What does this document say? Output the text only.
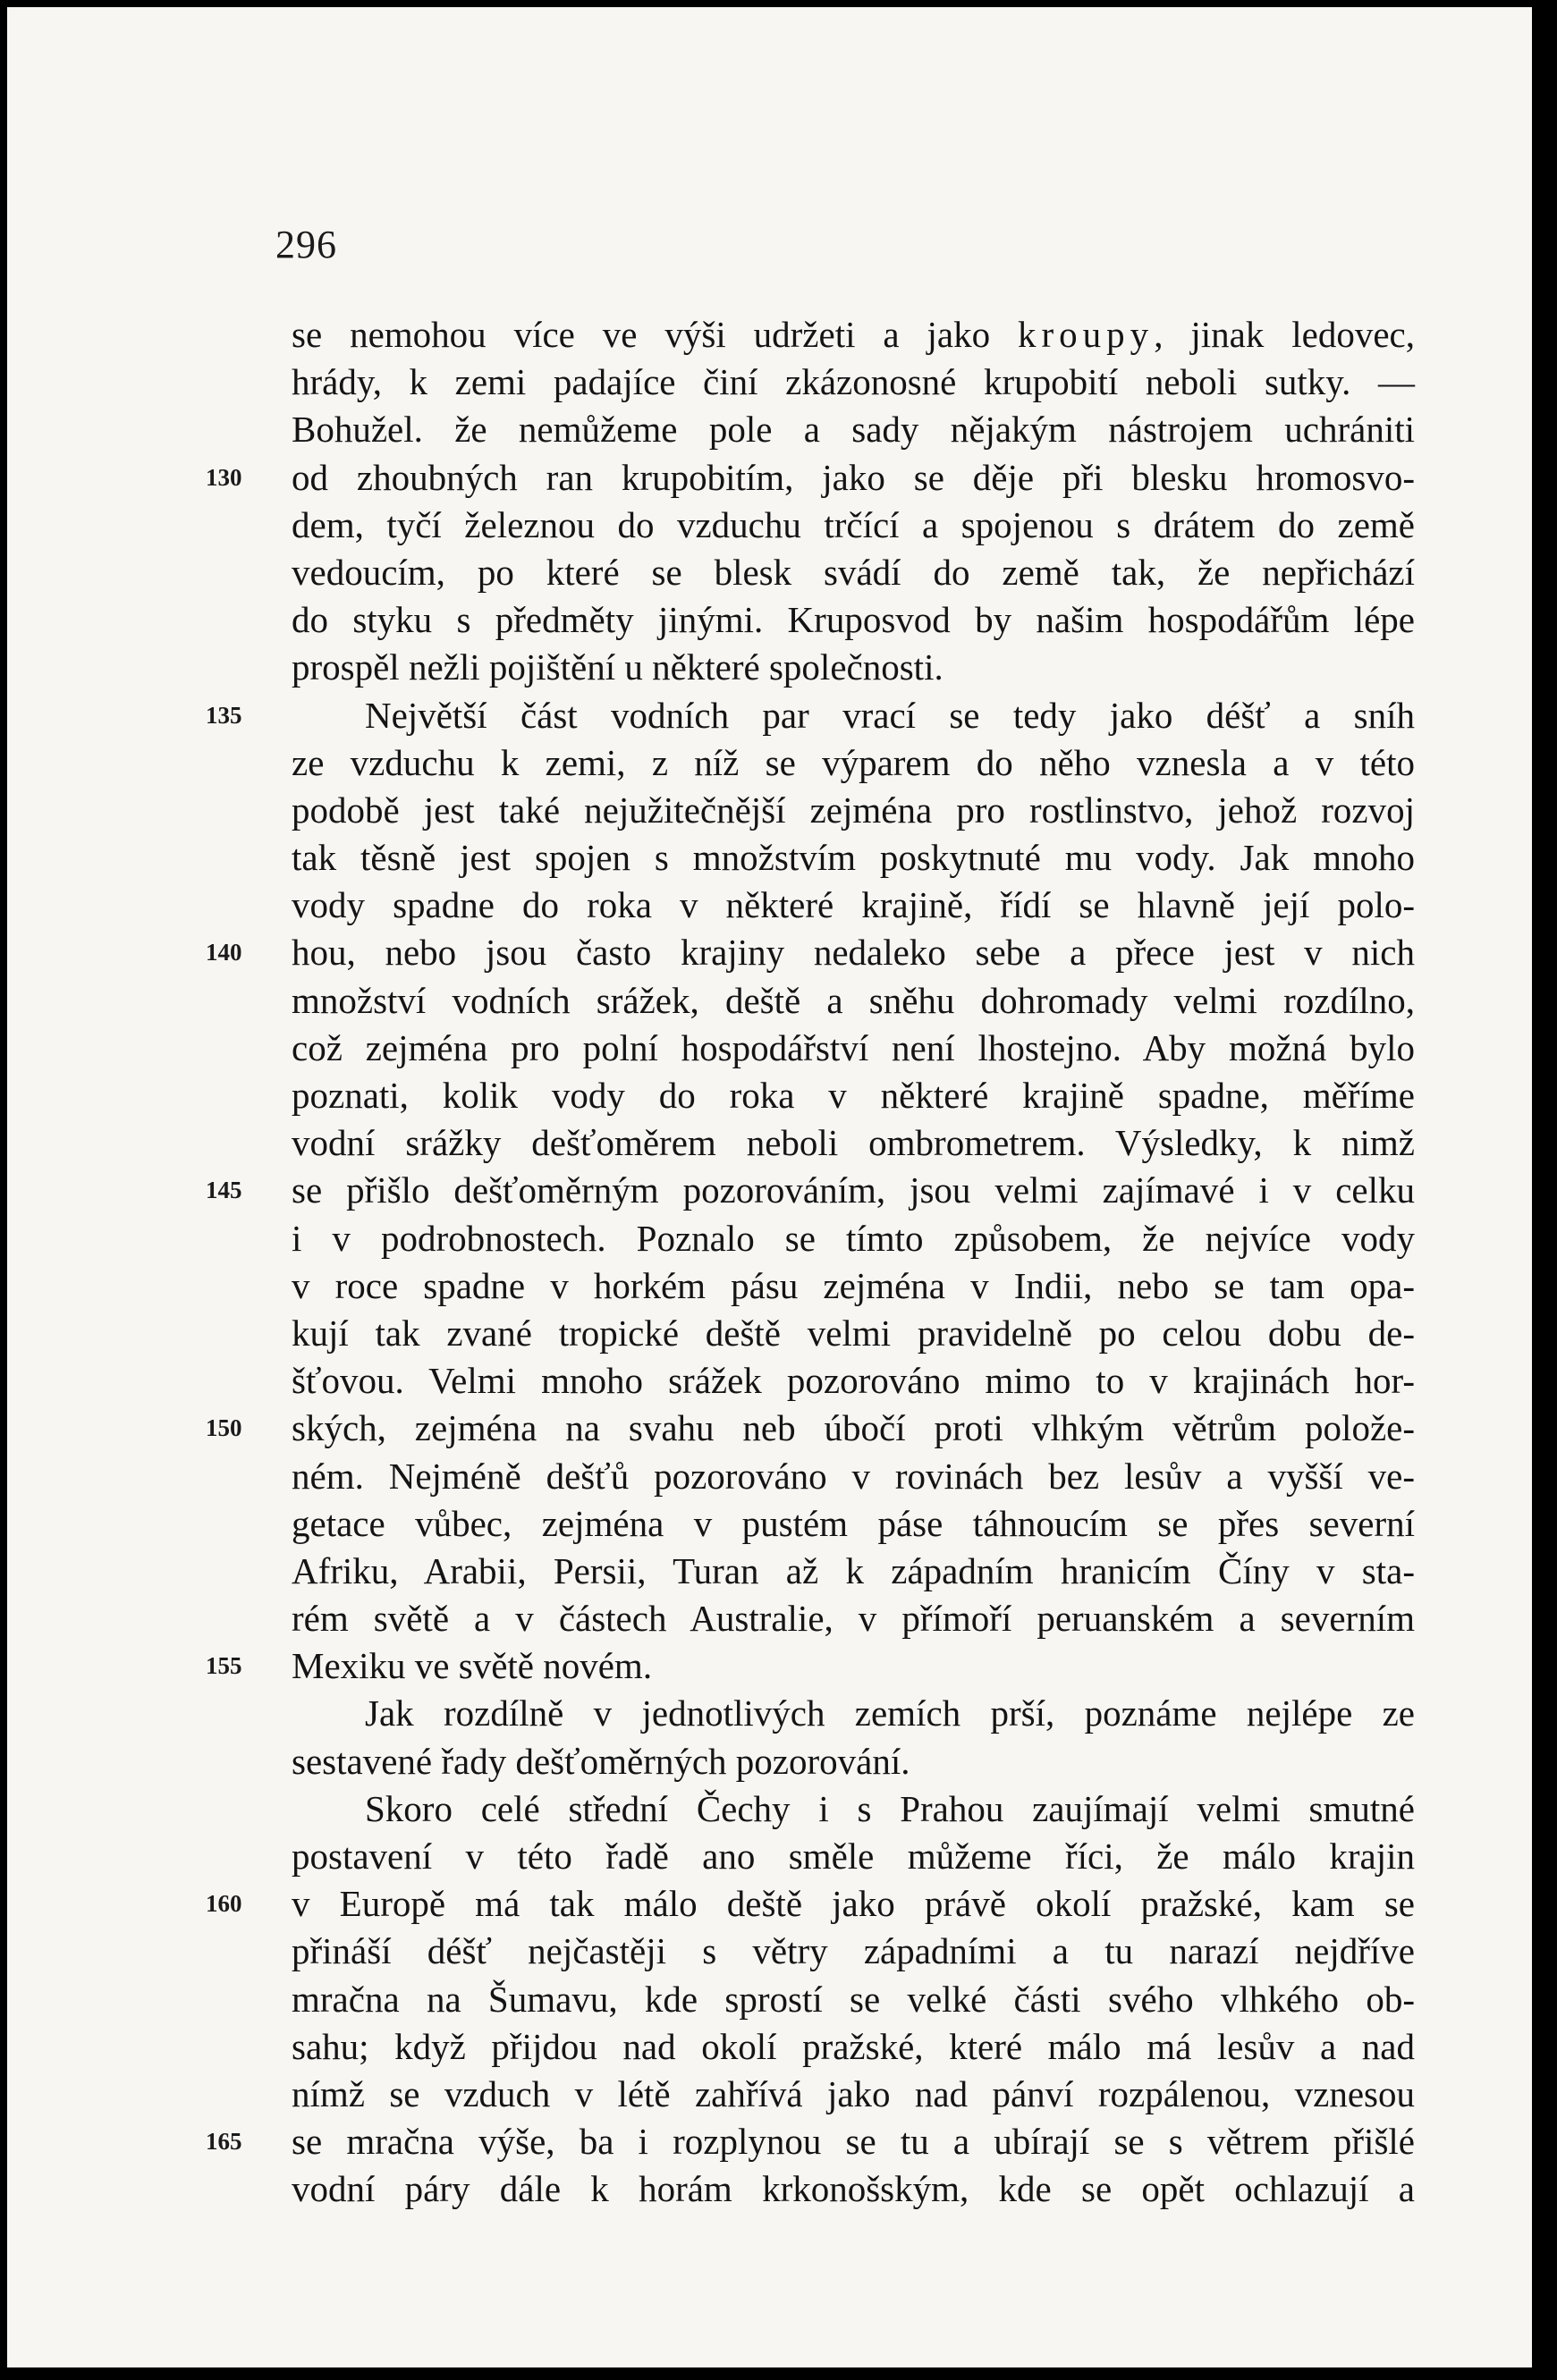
296
se nemohou více ve výši udržeti a jako kroupy, jinak ledovec,
hrády, k zemi padajíce činí zkázonosné krupobití neboli sutky. —
Bohužel. že nemůžeme pole a sady nějakým nástrojem uchrániti
130	od zhoubných ran krupobitím, jako se děje při blesku hromosvo-
dem, tyčí železnou do vzduchu trčící a spojenou s drátem do země
vedoucím, po které se blesk svádí do země tak, že nepřichází
do styku s předměty jinými. Kruposvod by našim hospodářům lépe
prospěl nežli pojištění u některé společnosti.
135	Největší část vodních par vrací se tedy jako déšť a sníh
ze vzduchu k zemi, z níž se výparem do něho vznesla a v této
podobě jest také nejužitečnější zejména pro rostlinstvo, jehož rozvoj
tak těsně jest spojen s množstvím poskytnuté mu vody. Jak mnoho
vody spadne do roka v některé krajině, řídí se hlavně její polo-
140	hou, nebo jsou často krajiny nedaleko sebe a přece jest v nich
množství vodních srážek, deště a sněhu dohromady velmi rozdílno,
což zejména pro polní hospodářství není lhostejno. Aby možná bylo
poznati, kolik vody do roka v některé krajině spadne, měříme
vodní srážky dešťoměrem neboli ombrometrem. Výsledky, k nimž
145	se přišlo dešťoměrným pozorováním, jsou velmi zajímavé i v celku
i v podrobnostech. Poznalo se tímto způsobem, že nejvíce vody
v roce spadne v horkém pásu zejména v Indii, nebo se tam opa-
kují tak zvané tropické deště velmi pravidelně po celou dobu de-
šťovou. Velmi mnoho srážek pozorováno mimo to v krajinách hor-
150	ských, zejména na svahu neb úbočí proti vlhkým větrům polože-
ném. Nejméně dešťů pozorováno v rovinách bez lesův a vyšší ve-
getace vůbec, zejména v pustém páse táhnoucím se přes severní
Afriku, Arabii, Persii, Turan až k západním hranicím Číny v sta-
rém světě a v částech Australie, v přímoří peruanském a severním
155	Mexiku ve světě novém.
Jak rozdílně v jednotlivých zemích prší, poznáme nejlépe ze
sestavené řady dešťoměrných pozorování.
Skoro celé střední Čechy i s Prahou zaujímají velmi smutné
postavení v této řadě ano směle můžeme říci, že málo krajin
160	v Europě má tak málo deště jako právě okolí pražské, kam se
přináší déšť nejčastěji s větry západními a tu narazí nejdříve
mračna na Šumavu, kde sprostí se velké části svého vlhkého ob-
sahu; když přijdou nad okolí pražské, které málo má lesův a nad
nímž se vzduch v létě zahřívá jako nad pánví rozpálenou, vznesou
165	se mračna výše, ba i rozplynou se tu a ubírají se s větrem přišlé
vodní páry dále k horám krkonošským, kde se opět ochlazují a
